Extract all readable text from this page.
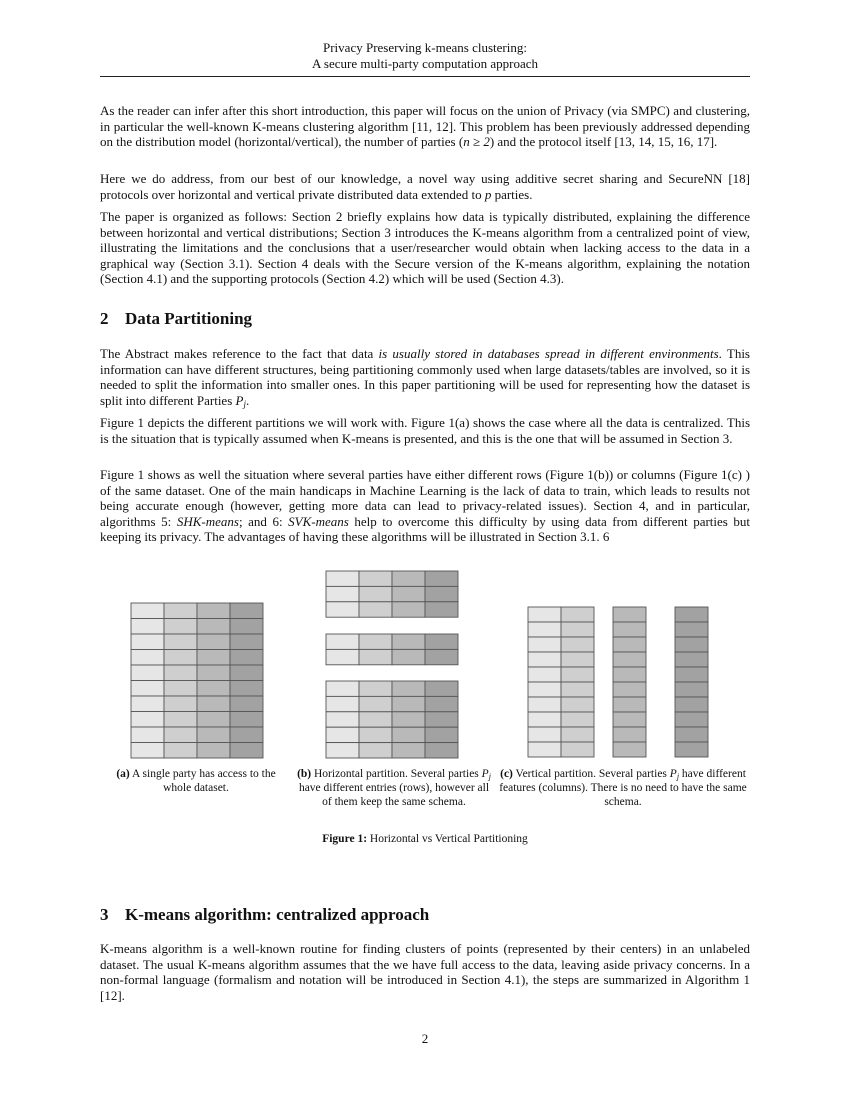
Privacy Preserving k-means clustering:
A secure multi-party computation approach

As the reader can infer after this short introduction, this paper will focus on the union of Privacy (via SMPC) and clustering, in particular the well-known K-means clustering algorithm [11, 12]. This problem has been previously addressed depending on the distribution model (horizontal/vertical), the number of parties (n ≥ 2) and the protocol itself [13, 14, 15, 16, 17].

Here we do address, from our best of our knowledge, a novel way using additive secret sharing and SecureNN [18] protocols over horizontal and vertical private distributed data extended to p parties.

The paper is organized as follows: Section 2 briefly explains how data is typically distributed, explaining the difference between horizontal and vertical distributions; Section 3 introduces the K-means algorithm from a centralized point of view, illustrating the limitations and the conclusions that a user/researcher would obtain when lacking access to the data in a graphical way (Section 3.1). Section 4 deals with the Secure version of the K-means algorithm, explaining the notation (Section 4.1) and the supporting protocols (Section 4.2) which will be used (Section 4.3).

2 Data Partitioning

The Abstract makes reference to the fact that data is usually stored in databases spread in different environments. This information can have different structures, being partitioning commonly used when large datasets/tables are involved, so it is needed to split the information into smaller ones. In this paper partitioning will be used for representing how the dataset is split into different Parties $P_j$.

Figure 1 depicts the different partitions we will work with. Figure 1(a) shows the case where all the data is centralized. This is the situation that is typically assumed when K-means is presented, and this is the one that will be assumed in Section 3.

Figure 1 shows as well the situation where several parties have either different rows (Figure 1(b)) or columns (Figure 1(c) ) of the same dataset. One of the main handicaps in Machine Learning is the lack of data to train, which leads to results not being accurate enough (however, getting more data can lead to privacy-related issues). Section 4, and in particular, algorithms 5: SHK-means; and 6: SVK-means help to overcome this difficulty by using data from different parties but keeping its privacy. The advantages of having these algorithms will be illustrated in Section 3.1. 6

(a) A single party has access to the whole dataset.

(b) Horizontal partition. Several parties $P_j$ have different entries (rows), however all of them keep the same schema.

(c) Vertical partition. Several parties $P_j$ have different features (columns). There is no need to have the same schema.

Figure 1: Horizontal vs Vertical Partitioning
3 K-means algorithm: centralized approach

K-means algorithm is a well-known routine for finding clusters of points (represented by their centers) in an unlabeled dataset. The usual K-means algorithm assumes that the we have full access to the data, leaving aside privacy concerns. In a non-formal language (formalism and notation will be introduced in Section 4.1), the steps are summarized in Algorithm 1 [12].

2
